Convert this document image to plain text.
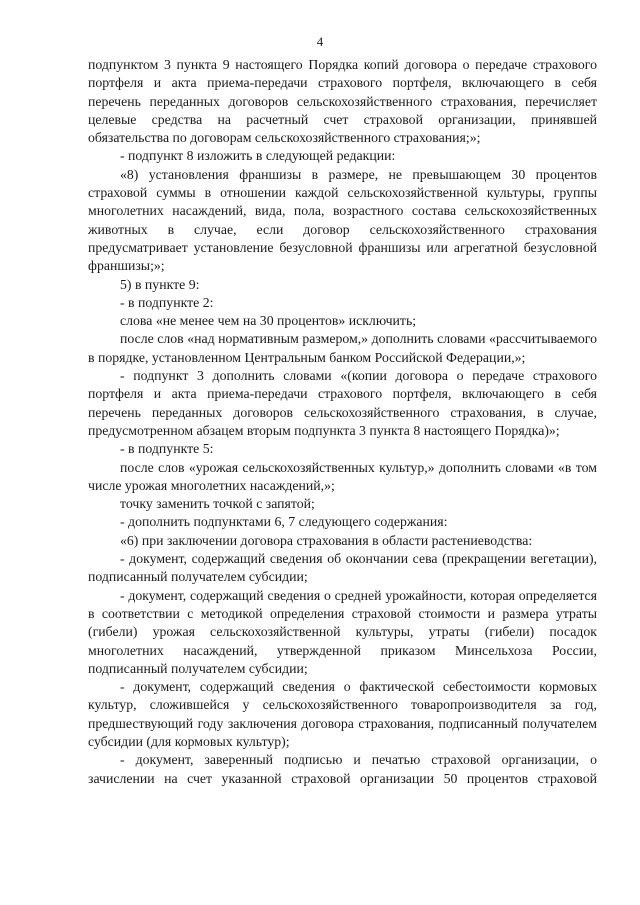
4

подпунктом 3 пункта 9 настоящего Порядка копий договора о передаче страхового портфеля и акта приема-передачи страхового портфеля, включающего в себя перечень переданных договоров сельскохозяйственного страхования, перечисляет целевые средства на расчетный счет страховой организации, принявшей обязательства по договорам сельскохозяйственного страхования;»;

- подпункт 8 изложить в следующей редакции:

«8) установления франшизы в размере, не превышающем 30 процентов страховой суммы в отношении каждой сельскохозяйственной культуры, группы многолетних насаждений, вида, пола, возрастного состава сельскохозяйственных животных в случае, если договор сельскохозяйственного страхования предусматривает установление безусловной франшизы или агрегатной безусловной франшизы;»;

5) в пункте 9:

- в подпункте 2:

слова «не менее чем на 30 процентов» исключить;

после слов «над нормативным размером,» дополнить словами «рассчитываемого в порядке, установленном Центральным банком Российской Федерации,»;

- подпункт 3 дополнить словами «(копии договора о передаче страхового портфеля и акта приема-передачи страхового портфеля, включающего в себя перечень переданных договоров сельскохозяйственного страхования, в случае, предусмотренном абзацем вторым подпункта 3 пункта 8 настоящего Порядка)»;

- в подпункте 5:

после слов «урожая сельскохозяйственных культур,» дополнить словами «в том числе урожая многолетних насаждений,»;

точку заменить точкой с запятой;

- дополнить подпунктами 6, 7 следующего содержания:

«6) при заключении договора страхования в области растениеводства:

- документ, содержащий сведения об окончании сева (прекращении вегетации), подписанный получателем субсидии;

- документ, содержащий сведения о средней урожайности, которая определяется в соответствии с методикой определения страховой стоимости и размера утраты (гибели) урожая сельскохозяйственной культуры, утраты (гибели) посадок многолетних насаждений, утвержденной приказом Минсельхоза России, подписанный получателем субсидии;

- документ, содержащий сведения о фактической себестоимости кормовых культур, сложившейся у сельскохозяйственного товаропроизводителя за год, предшествующий году заключения договора страхования, подписанный получателем субсидии (для кормовых культур);

- документ, заверенный подписью и печатью страховой организации, о зачислении на счет указанной страховой организации 50 процентов страховой
